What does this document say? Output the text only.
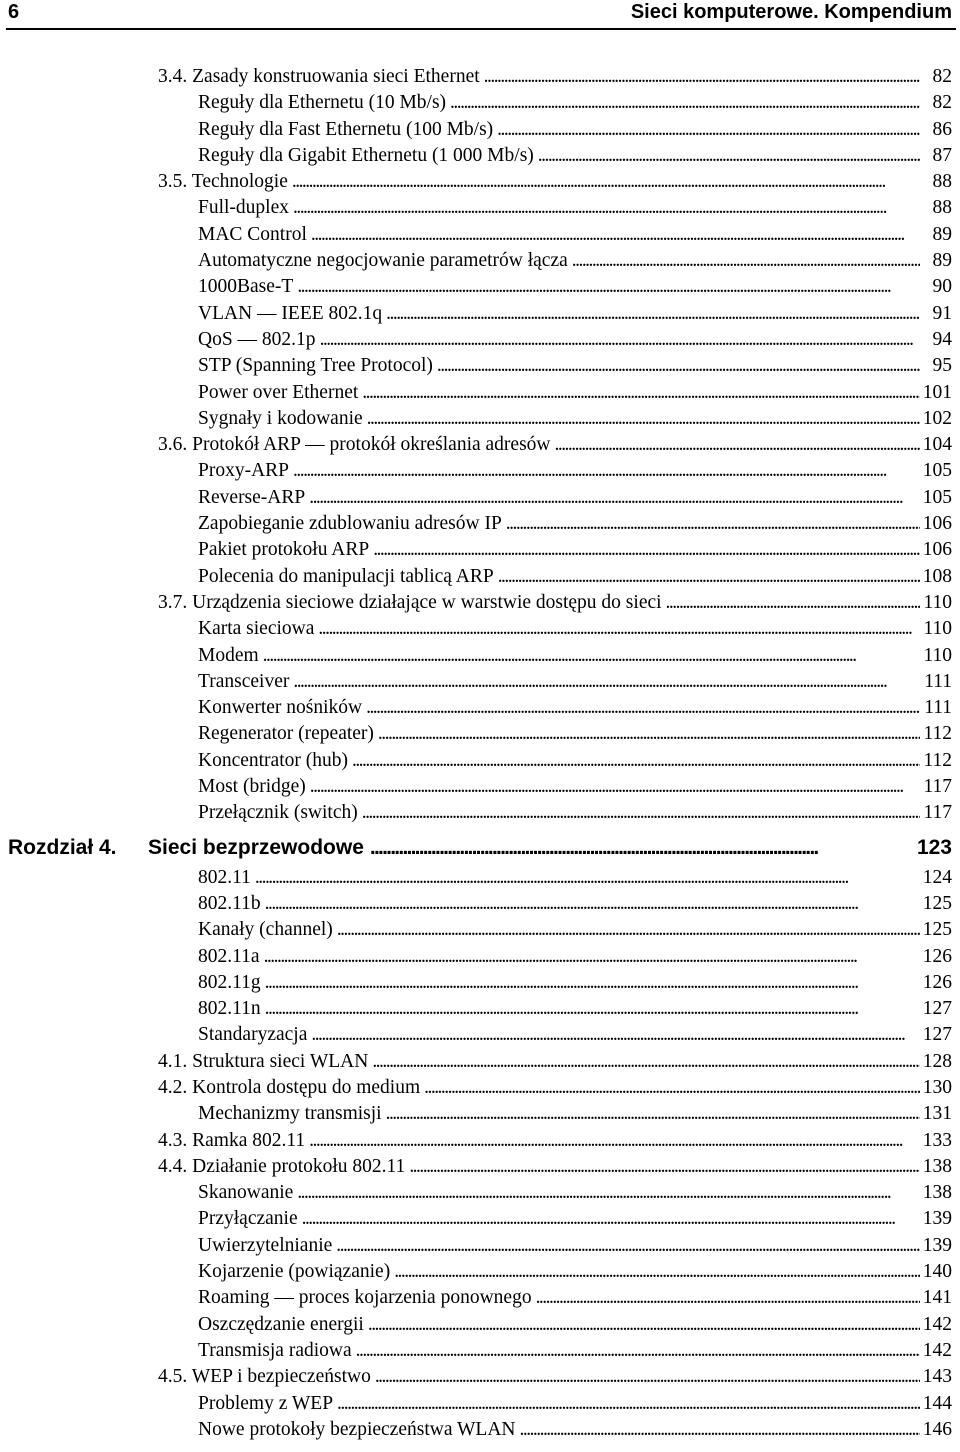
6	Sieci komputerowe. Kompendium
3.4. Zasady konstruowania sieci Ethernet . . .	82
Reguły dla Ethernetu (10 Mb/s) . . .	82
Reguły dla Fast Ethernetu (100 Mb/s) . . .	86
Reguły dla Gigabit Ethernetu (1 000 Mb/s) . . .	87
3.5. Technologie . . .	88
Full-duplex . . .	88
MAC Control . . .	89
Automatyczne negocjowanie parametrów łącza . . .	89
1000Base-T . . .	90
VLAN — IEEE 802.1q . . .	91
QoS — 802.1p . . .	94
STP (Spanning Tree Protocol) . . .	95
Power over Ethernet . . .	101
Sygnały i kodowanie . . .	102
3.6. Protokół ARP — protokół określania adresów . . .	104
Proxy-ARP . . .	105
Reverse-ARP . . .	105
Zapobieganie zdublowaniu adresów IP . . .	106
Pakiet protokołu ARP . . .	106
Polecenia do manipulacji tablicą ARP . . .	108
3.7. Urządzenia sieciowe działające w warstwie dostępu do sieci . . .	110
Karta sieciowa . . .	110
Modem . . .	110
Transceiver . . .	111
Konwerter nośników . . .	111
Regenerator (repeater) . . .	112
Koncentrator (hub) . . .	112
Most (bridge) . . .	117
Przełącznik (switch) . . .	117
Rozdział 4. Sieci bezprzewodowe . . .	123
802.11 . . .	124
802.11b . . .	125
Kanały (channel) . . .	125
802.11a . . .	126
802.11g . . .	126
802.11n . . .	127
Standaryzacja . . .	127
4.1. Struktura sieci WLAN . . .	128
4.2. Kontrola dostępu do medium . . .	130
Mechanizmy transmisji . . .	131
4.3. Ramka 802.11 . . .	133
4.4. Działanie protokołu 802.11 . . .	138
Skanowanie . . .	138
Przyłączanie . . .	139
Uwierzytelnianie . . .	139
Kojarzenie (powiązanie) . . .	140
Roaming — proces kojarzenia ponownego . . .	141
Oszczędzanie energii . . .	142
Transmisja radiowa . . .	142
4.5. WEP i bezpieczeństwo . . .	143
Problemy z WEP . . .	144
Nowe protokoły bezpieczeństwa WLAN . . .	146
